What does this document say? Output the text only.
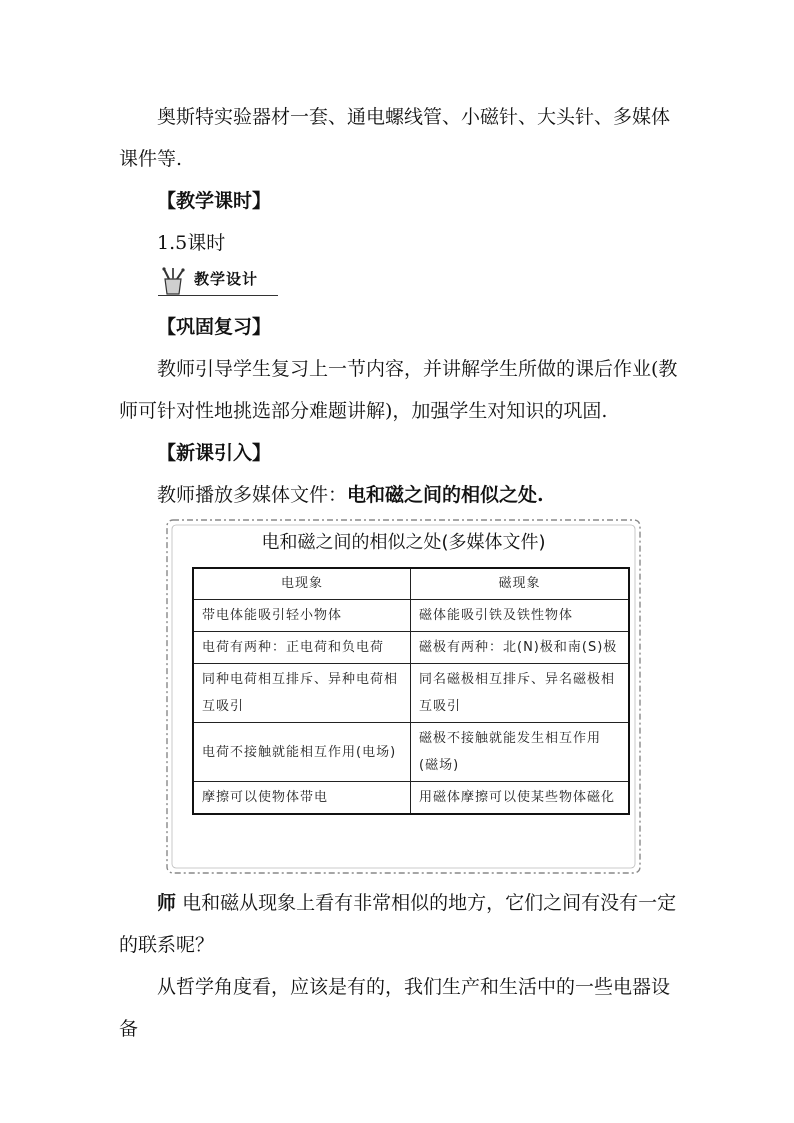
奥斯特实验器材一套、通电螺线管、小磁针、大头针、多媒体课件等.

【教学课时】

1.5课时

教学设计

【巩固复习】

教师引导学生复习上一节内容，并讲解学生所做的课后作业(教师可针对性地挑选部分难题讲解)，加强学生对知识的巩固.

【新课引入】

教师播放多媒体文件：电和磁之间的相似之处.

电和磁之间的相似之处(多媒体文件)
电现象	磁现象
带电体能吸引轻小物体	磁体能吸引铁及铁性物体
电荷有两种：正电荷和负电荷	磁极有两种：北(N)极和南(S)极
同种电荷相互排斥、异种电荷相互吸引	同名磁极相互排斥、异名磁极相互吸引
电荷不接触就能相互作用(电场)	磁极不接触就能发生相互作用(磁场)
摩擦可以使物体带电	用磁体摩擦可以使某些物体磁化

师 电和磁从现象上看有非常相似的地方，它们之间有没有一定的联系呢？

从哲学角度看，应该是有的，我们生产和生活中的一些电器设备
